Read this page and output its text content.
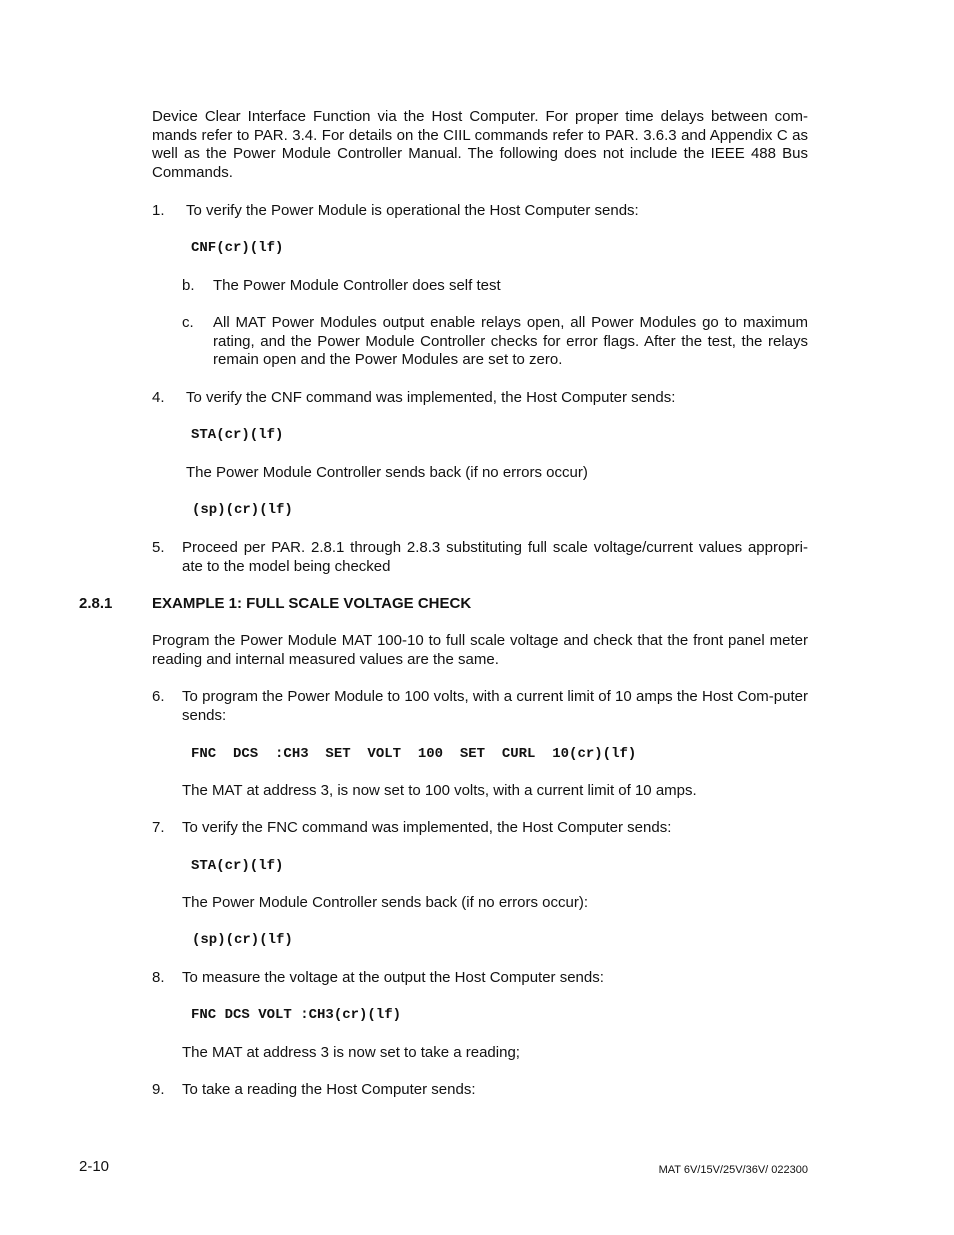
Device Clear Interface Function via the Host Computer. For proper time delays between com-mands refer to PAR. 3.4. For details on the CIIL commands refer to PAR. 3.6.3 and Appendix C as well as the Power Module Controller Manual. The following does not include the IEEE 488 Bus Commands.
1. To verify the Power Module is operational the Host Computer sends:
CNF(cr)(lf)
b. The Power Module Controller does self test
c. All MAT Power Modules output enable relays open, all Power Modules go to maximum rating, and the Power Module Controller checks for error flags. After the test, the relays remain open and the Power Modules are set to zero.
4. To verify the CNF command was implemented, the Host Computer sends:
STA(cr)(lf)
The Power Module Controller sends back (if no errors occur)
(sp)(cr)(lf)
5. Proceed per PAR. 2.8.1 through 2.8.3 substituting full scale voltage/current values appropri-ate to the model being checked
2.8.1	EXAMPLE 1: FULL SCALE VOLTAGE CHECK
Program the Power Module MAT 100-10 to full scale voltage and check that the front panel meter reading and internal measured values are the same.
6. To program the Power Module to 100 volts, with a current limit of 10 amps the Host Com-puter sends:
FNC  DCS  :CH3  SET  VOLT  100  SET  CURL  10(cr)(lf)
The MAT at address 3, is now set to 100 volts, with a current limit of 10 amps.
7. To verify the FNC command was implemented, the Host Computer sends:
STA(cr)(lf)
The Power Module Controller sends back (if no errors occur):
(sp)(cr)(lf)
8. To measure the voltage at the output the Host Computer sends:
FNC DCS VOLT :CH3(cr)(lf)
The MAT at address 3 is now set to take a reading;
9. To take a reading the Host Computer sends:
2-10	MAT 6V/15V/25V/36V/ 022300
